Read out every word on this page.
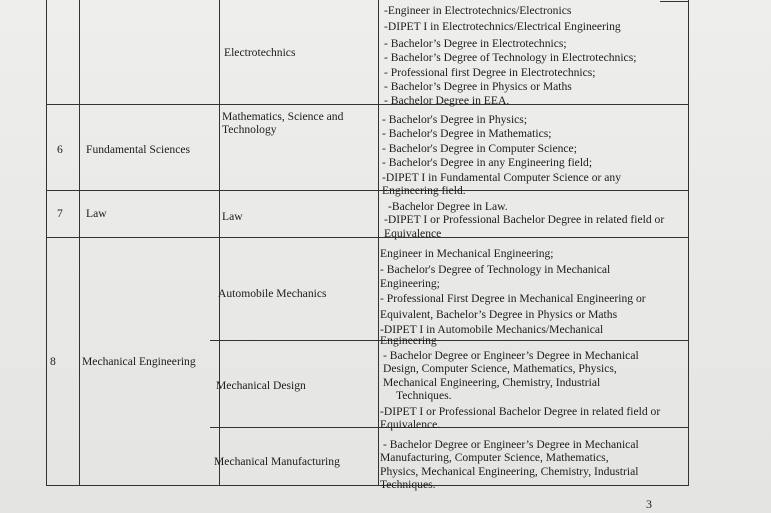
Electrotechnics
-Engineer in Electrotechnics/Electronics
-DIPET I in Electrotechnics/Electrical Engineering
- Bachelor’s Degree in Electrotechnics;
- Bachelor’s Degree of Technology in Electrotechnics;
- Professional first Degree in Electrotechnics;
- Bachelor’s Degree in Physics or Maths
- Bachelor Degree in EEA.
6 Fundamental Sciences
Mathematics, Science and
Technology
- Bachelor's Degree in Physics;
- Bachelor's Degree in Mathematics;
- Bachelor's Degree in Computer Science;
- Bachelor's Degree in any Engineering field;
-DIPET I in Fundamental Computer Science or any
Engineering field.
7 Law	Law
-Bachelor Degree in Law.
-DIPET I or Professional Bachelor Degree in related field or
Equivalence
8 Mechanical Engineering
Automobile Mechanics
Engineer in Mechanical Engineering;
- Bachelor's Degree of Technology in Mechanical
Engineering;
- Professional First Degree in Mechanical Engineering or
Equivalent, Bachelor’s Degree in Physics or Maths
-DIPET I in Automobile Mechanics/Mechanical
Engineering
Mechanical Design
- Bachelor Degree or Engineer’s Degree in Mechanical
Design, Computer Science, Mathematics, Physics,
Mechanical Engineering, Chemistry, Industrial
Techniques.
-DIPET I or Professional Bachelor Degree in related field or
Equivalence.
Mechanical Manufacturing
- Bachelor Degree or Engineer’s Degree in Mechanical
Manufacturing, Computer Science, Mathematics,
Physics, Mechanical Engineering, Chemistry, Industrial
Techniques.
3
